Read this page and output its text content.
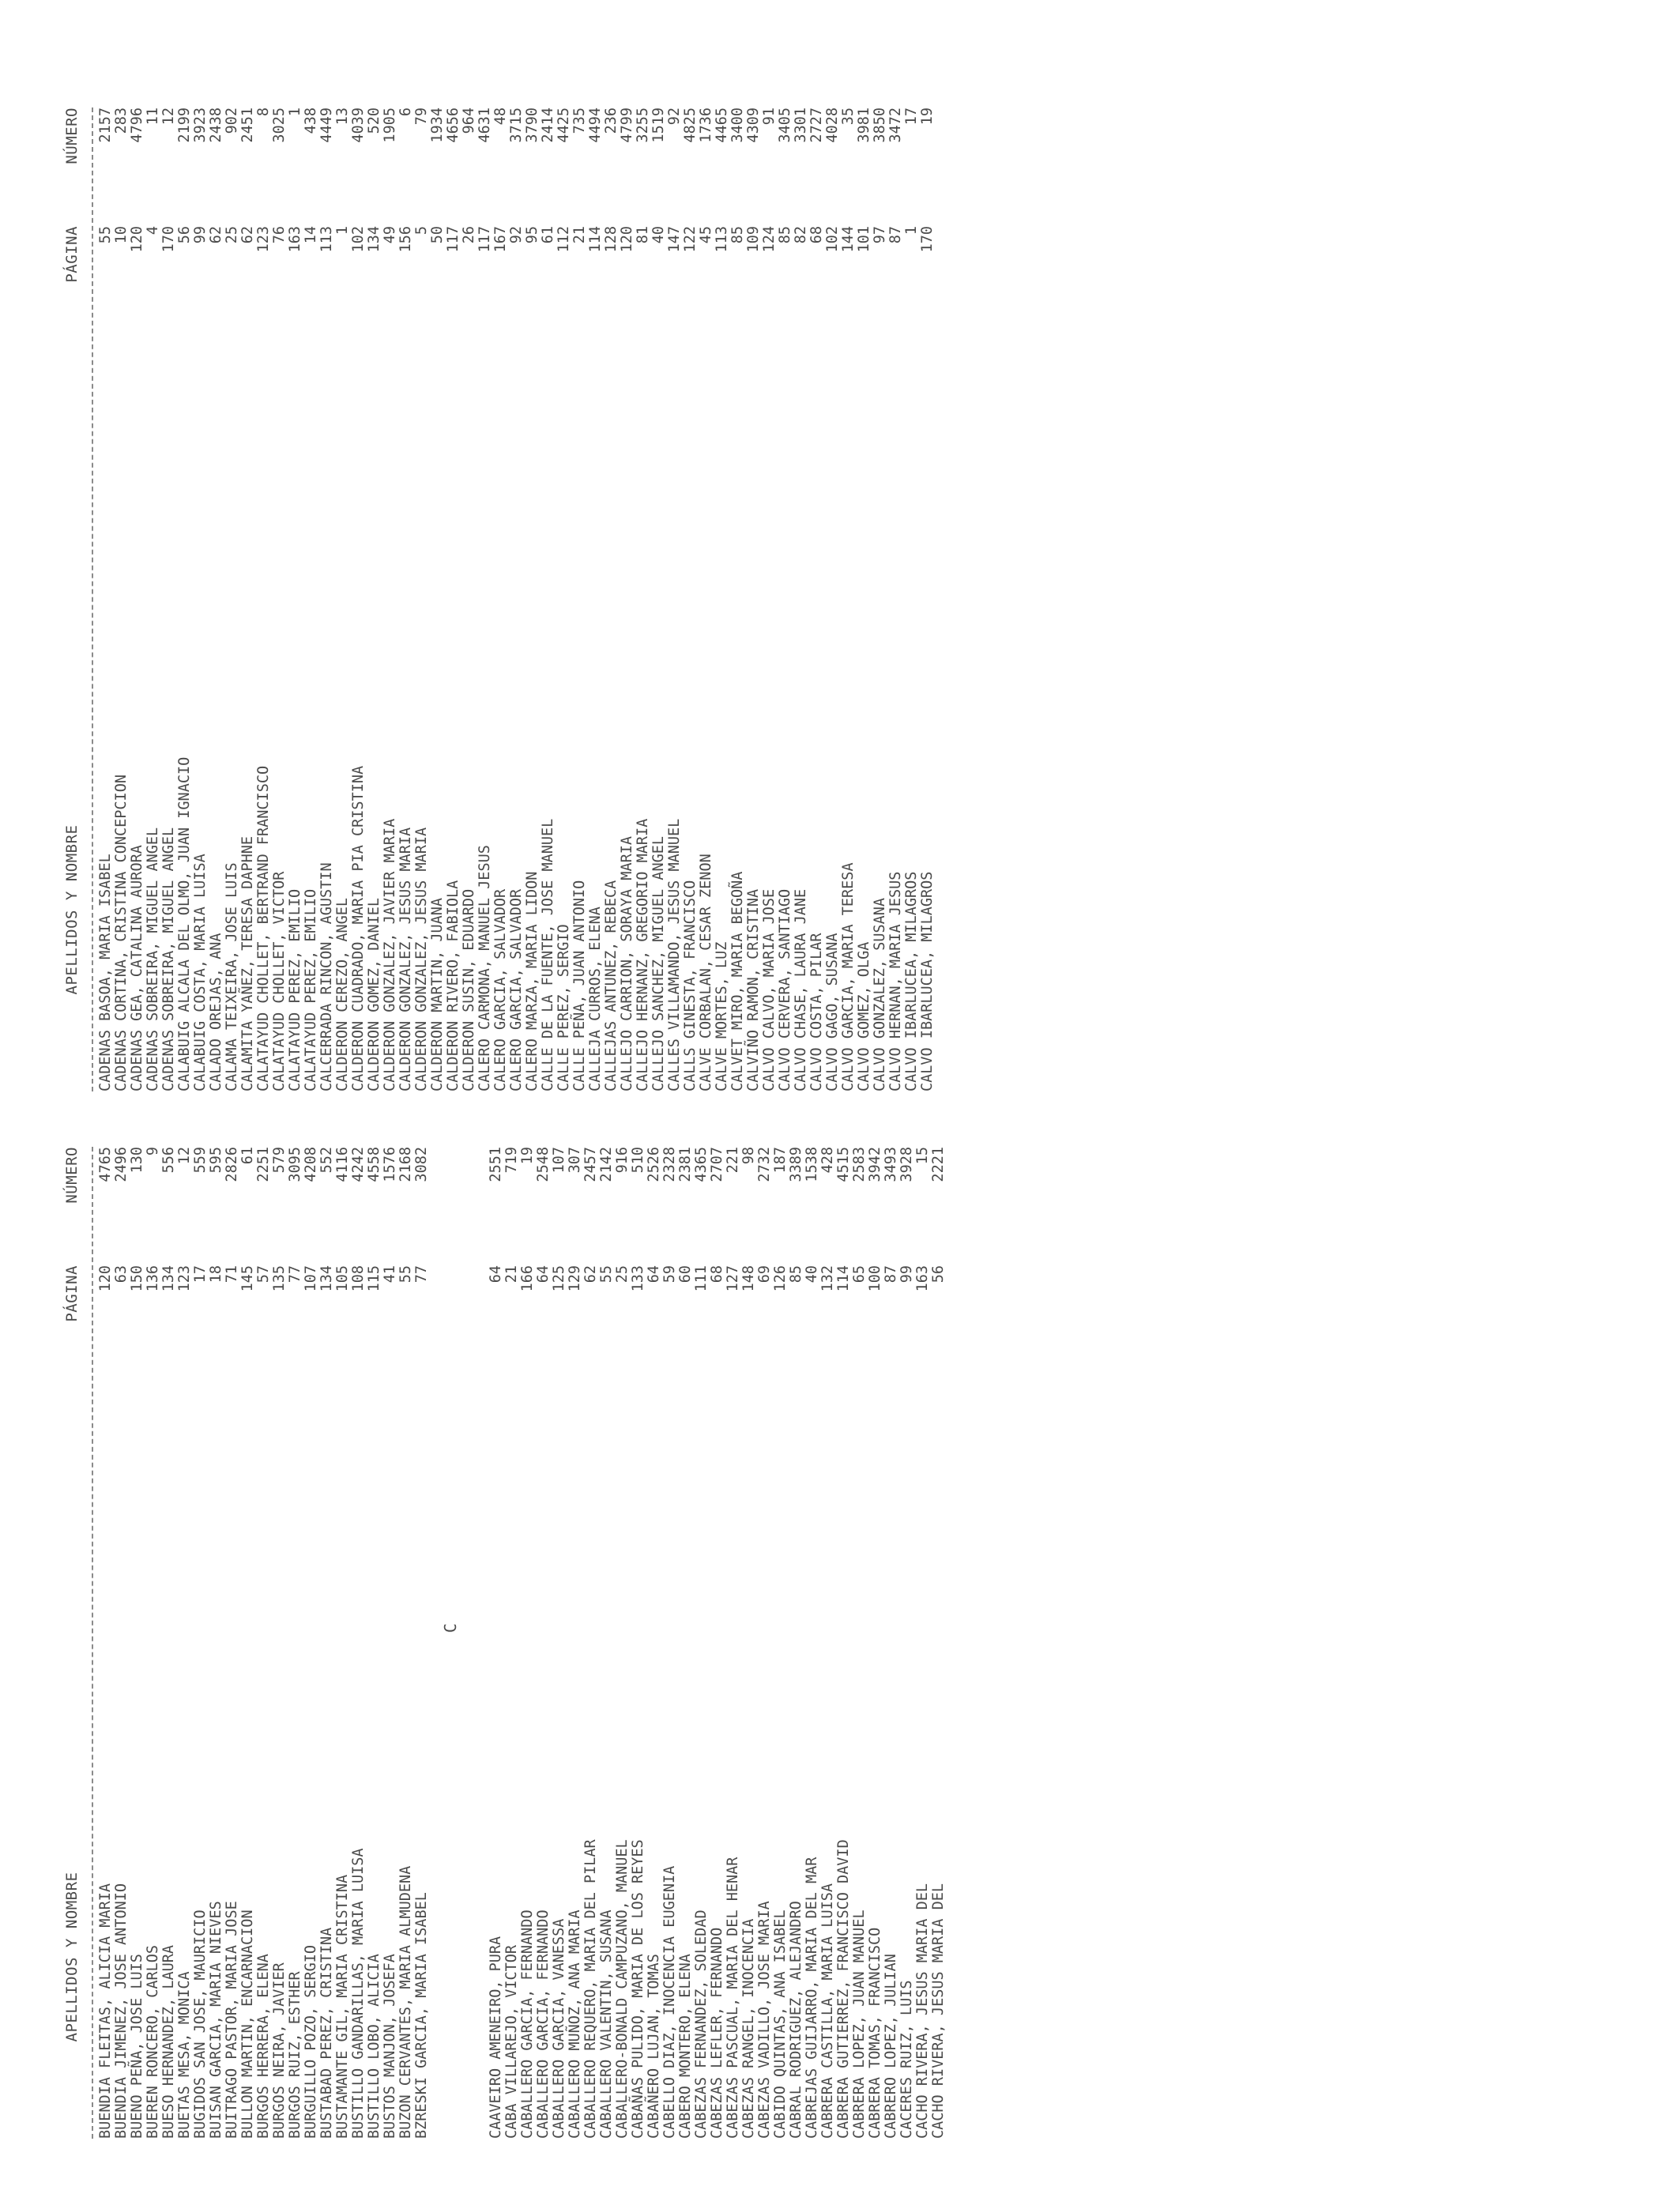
APELLIDOS Y NOMBRE
PÁGINA
NÚMERO
BUENDIA FLEITAS, ALICIA MARIA
120
4765
BUENDIA JIMENEZ, JOSE ANTONIO
63
2496
BUENO PEÑA, JOSE LUIS
150
130
BUEREN RONCERO, CARLOS
136
9
BUESO HERNANDEZ, LAURA
134
556
BUETAS MESA, MONICA
123
12
BUGIDOS SAN JOSE, MAURICIO
17
559
BUISAN GARCIA, MARIA NIEVES
18
595
BUITRAGO PASTOR, MARIA JOSE
71
2826
BULLON MARTIN, ENCARNACION
145
61
BURGOS HERRERA, ELENA
57
2251
BURGOS NEIRA, JAVIER
135
579
BURGOS RUIZ, ESTHER
77
3095
BURGUILLO POZO, SERGIO
107
4208
BUSTABAD PEREZ, CRISTINA
134
552
BUSTAMANTE GIL, MARIA CRISTINA
105
4116
BUSTILLO GANDARILLAS, MARIA LUISA
108
4242
BUSTILLO LOBO, ALICIA
115
4558
BUSTOS MANJON, JOSEFA
41
1576
BUZON CERVANTES, MARIA ALMUDENA
55
2168
BZRESKI GARCIA, MARIA ISABEL
77
3082
C
CAAVEIRO AMENEIRO, PURA
64
2551
CABA VILLAREJO, VICTOR
21
719
CABALLERO GARCIA, FERNANDO
166
19
CABALLERO GARCIA, FERNANDO
64
2548
CABALLERO GARCIA, VANESSA
125
107
CABALLERO MUÑOZ, ANA MARIA
129
307
CABALLERO REQUERO, MARIA DEL PILAR
62
2457
CABALLERO VALENTIN, SUSANA
55
2142
CABALLERO-BONALD CAMPUZANO, MANUEL
25
916
CABAÑAS PULIDO, MARIA DE LOS REYES
133
510
CABAÑERO LUJAN, TOMAS
64
2526
CABELLO DIAZ, INOCENCIA EUGENIA
59
2328
CABERO MONTERO, ELENA
60
2381
CABEZAS FERNANDEZ, SOLEDAD
111
4365
CABEZAS LEFLER, FERNANDO
68
2707
CABEZAS PASCUAL, MARIA DEL HENAR
127
221
CABEZAS RANGEL, INOCENCIA
148
98
CABEZAS VADILLO, JOSE MARIA
69
2732
CABIDO QUINTAS, ANA ISABEL
126
187
CABRAL RODRIGUEZ, ALEJANDRO
85
3389
CABREJAS GUIJARRO, MARIA DEL MAR
40
1538
CABRERA CASTILLA, MARIA LUISA
132
428
CABRERA GUTIERREZ, FRANCISCO DAVID
114
4515
CABRERA LOPEZ, JUAN MANUEL
65
2583
CABRERA TOMAS, FRANCISCO
100
3942
CABRERO LOPEZ, JULIAN
87
3493
CACERES RUIZ, LUIS
99
3928
CACHO RIVERA, JESUS MARIA DEL
163
15
CACHO RIVERA, JESUS MARIA DEL
56
2221
APELLIDOS Y NOMBRE
PÁGINA
NÚMERO
CADENAS BASOA, MARIA ISABEL
55
2157
CADENAS CORTINA, CRISTINA CONCEPCION
10
283
CADENAS GEA, CATALINA AURORA
120
4796
CADENAS SOBREIRA, MIGUEL ANGEL
4
11
CADENAS SOBREIRA, MIGUEL ANGEL
170
12
CALABUIG ALCALA DEL OLMO, JUAN IGNACIO
56
2199
CALABUIG COSTA, MARIA LUISA
99
3923
CALADO OREJAS, ANA
62
2438
CALAMA TEIXEIRA, JOSE LUIS
25
902
CALAMITA YAÑEZ, TERESA DAPHNE
62
2451
CALATAYUD CHOLLET, BERTRAND FRANCISCO
123
8
CALATAYUD CHOLLET, VICTOR
76
3025
CALATAYUD PEREZ, EMILIO
163
1
CALATAYUD PEREZ, EMILIO
14
438
CALCERRADA RINCON, AGUSTIN
113
4449
CALDERON CEREZO, ANGEL
1
13
CALDERON CUADRADO, MARIA PIA CRISTINA
102
4039
CALDERON GOMEZ, DANIEL
134
520
CALDERON GONZALEZ, JAVIER MARIA
49
1905
CALDERON GONZALEZ, JESUS MARIA
156
6
CALDERON GONZALEZ, JESUS MARIA
5
79
CALDERON MARTIN, JUANA
50
1934
CALDERON RIVERO, FABIOLA
117
4656
CALDERON SUSIN, EDUARDO
26
964
CALERO CARMONA, MANUEL JESUS
117
4631
CALERO GARCIA, SALVADOR
167
48
CALERO GARCIA, SALVADOR
92
3715
CALERO MARZA, MARIA LIDON
95
3790
CALLE DE LA FUENTE, JOSE MANUEL
61
2414
CALLE PEREZ, SERGIO
112
4425
CALLE PEÑA, JUAN ANTONIO
21
735
CALLEJA CURROS, ELENA
114
4494
CALLEJAS ANTUNEZ, REBECA
128
236
CALLEJO CARRION, SORAYA MARIA
120
4799
CALLEJO HERNANZ, GREGORIO MARIA
81
3255
CALLEJO SANCHEZ, MIGUEL ANGEL
40
1519
CALLES VILLAMANDO, JESUS MANUEL
147
92
CALLS GINESTA, FRANCISCO
122
4825
CALVE CORBALAN, CESAR ZENON
45
1736
CALVE MORTES, LUZ
113
4465
CALVET MIRO, MARIA BEGOÑA
85
3400
CALVIÑO RAMON, CRISTINA
109
4309
CALVO CALVO, MARIA JOSE
124
91
CALVO CERVERA, SANTIAGO
85
3405
CALVO CHASE, LAURA JANE
82
3301
CALVO COSTA, PILAR
68
2727
CALVO GAGO, SUSANA
102
4028
CALVO GARCIA, MARIA TERESA
144
35
CALVO GOMEZ, OLGA
101
3981
CALVO GONZALEZ, SUSANA
97
3850
CALVO HERNAN, MARIA JESUS
87
3472
CALVO IBARLUCEA, MILAGROS
1
17
CALVO IBARLUCEA, MILAGROS
170
19
